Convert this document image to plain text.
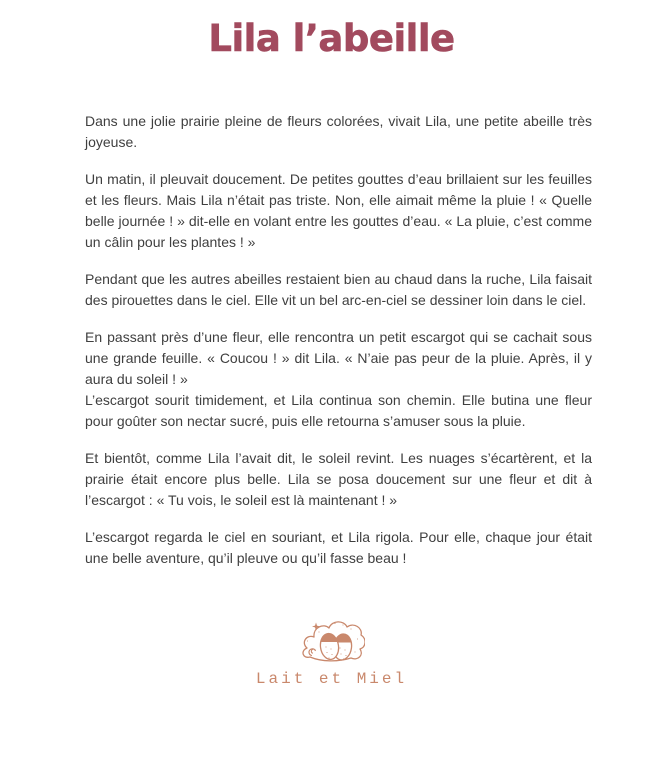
Lila l’abeille

Dans une jolie prairie pleine de fleurs colorées, vivait Lila, une petite abeille très joyeuse.

Un matin, il pleuvait doucement. De petites gouttes d’eau brillaient sur les feuilles et les fleurs. Mais Lila n’était pas triste. Non, elle aimait même la pluie ! « Quelle belle journée ! » dit-elle en volant entre les gouttes d’eau. « La pluie, c’est comme un câlin pour les plantes ! »

Pendant que les autres abeilles restaient bien au chaud dans la ruche, Lila faisait des pirouettes dans le ciel. Elle vit un bel arc-en-ciel se dessiner loin dans le ciel.

En passant près d’une fleur, elle rencontra un petit escargot qui se cachait sous une grande feuille. « Coucou ! » dit Lila. « N’aie pas peur de la pluie. Après, il y aura du soleil ! »

L’escargot sourit timidement, et Lila continua son chemin. Elle butina une fleur pour goûter son nectar sucré, puis elle retourna s’amuser sous la pluie.

Et bientôt, comme Lila l’avait dit, le soleil revint. Les nuages s’écartèrent, et la prairie était encore plus belle. Lila se posa doucement sur une fleur et dit à l’escargot : « Tu vois, le soleil est là maintenant ! »

L’escargot regarda le ciel en souriant, et Lila rigola. Pour elle, chaque jour était une belle aventure, qu’il pleuve ou qu’il fasse beau !

Lait et Miel
